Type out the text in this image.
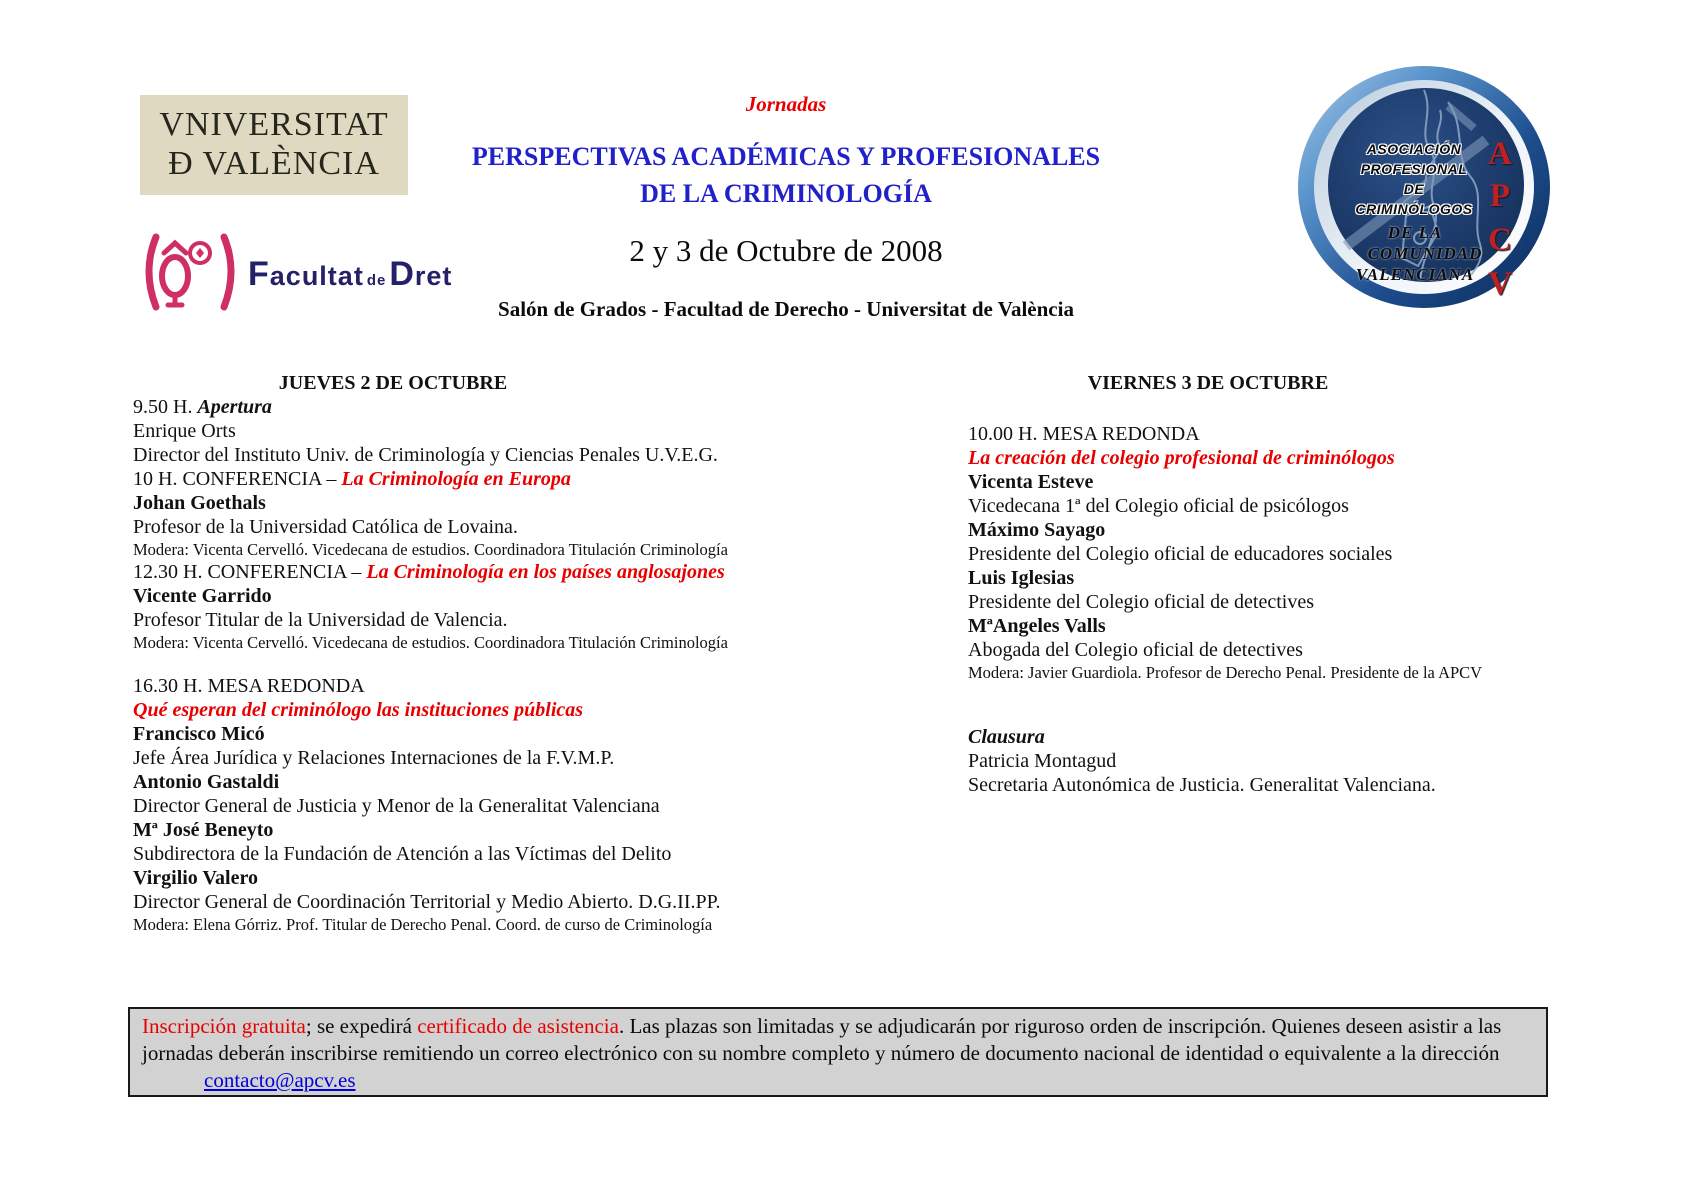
VNIVERSITAT
Đ VALÈNCIA
Facultat deDret
Jornadas
PERSPECTIVAS ACADÉMICAS Y PROFESIONALES
DE LA CRIMINOLOGÍA
2 y 3 de Octubre de 2008
Salón de Grados - Facultad de Derecho - Universitat de València
ASOCIACIÓN
PROFESIONAL
DE
CRIMINÓLOGOS
DE LA
COMUNIDAD
VALENCIANA
A
P
C
V
JUEVES 2 DE OCTUBRE
9.50 H. Apertura
Enrique Orts
Director del Instituto Univ. de Criminología y Ciencias Penales U.V.E.G.
10 H. CONFERENCIA – La Criminología en Europa
Johan Goethals
Profesor de la Universidad Católica de Lovaina.
Modera: Vicenta Cervelló. Vicedecana de estudios. Coordinadora Titulación Criminología
12.30 H. CONFERENCIA – La Criminología en los países anglosajones
Vicente Garrido
Profesor Titular de la Universidad de Valencia.
Modera: Vicenta Cervelló. Vicedecana de estudios. Coordinadora Titulación Criminología
16.30 H. MESA REDONDA
Qué esperan del criminólogo las instituciones públicas
Francisco Micó
Jefe Área Jurídica y Relaciones Internaciones de la F.V.M.P.
Antonio Gastaldi
Director General de Justicia y Menor de la Generalitat Valenciana
Mª José Beneyto
Subdirectora de la Fundación de Atención a las Víctimas del Delito
Virgilio Valero
Director General de Coordinación Territorial y Medio Abierto. D.G.II.PP.
Modera: Elena Górriz. Prof. Titular de Derecho Penal. Coord. de curso de Criminología
VIERNES 3 DE OCTUBRE
10.00 H. MESA REDONDA
La creación del colegio profesional de criminólogos
Vicenta Esteve
Vicedecana 1ª del Colegio oficial de psicólogos
Máximo Sayago
Presidente del Colegio oficial de educadores sociales
Luis Iglesias
Presidente del Colegio oficial de detectives
MªAngeles Valls
Abogada del Colegio oficial de detectives
Modera: Javier Guardiola. Profesor de Derecho Penal. Presidente de la APCV
Clausura
Patricia Montagud
Secretaria Autonómica de Justicia. Generalitat Valenciana.
Inscripción gratuita; se expedirá certificado de asistencia. Las plazas son limitadas y se adjudicarán por riguroso orden de inscripción. Quienes deseen asistir a las jornadas deberán inscribirse remitiendo un correo electrónico con su nombre completo y número de documento nacional de identidad o equivalente a la direccióncontacto@apcv.es
